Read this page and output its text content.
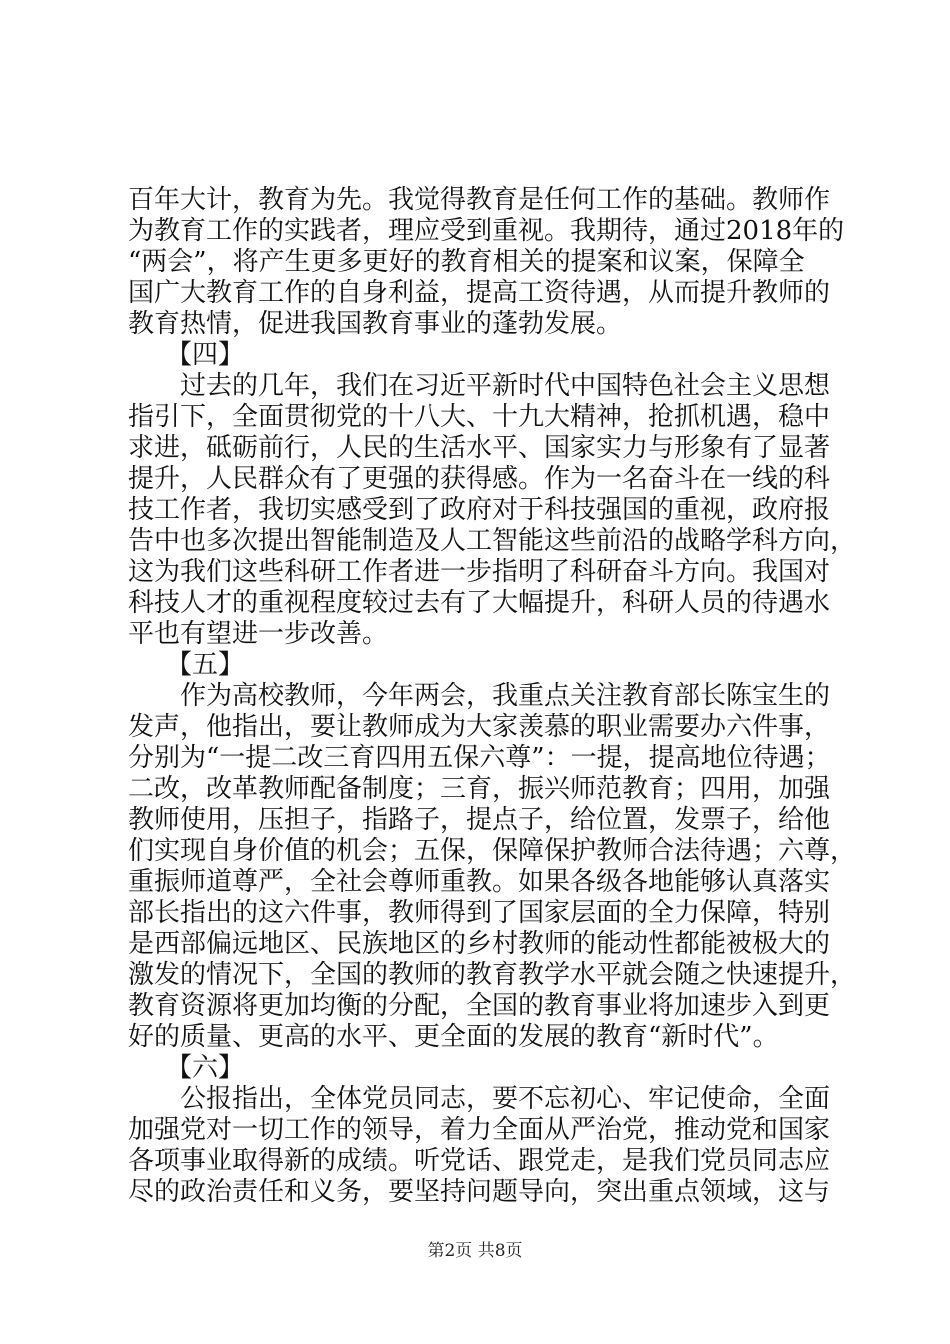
百年大计，教育为先。我觉得教育是任何工作的基础。教师作
为教育工作的实践者，理应受到重视。我期待，通过2018年的
“两会”，将产生更多更好的教育相关的提案和议案，保障全
国广大教育工作的自身利益，提高工资待遇，从而提升教师的
教育热情，促进我国教育事业的蓬勃发展。
【四】
过去的几年，我们在习近平新时代中国特色社会主义思想
指引下，全面贯彻党的十八大、十九大精神，抢抓机遇，稳中
求进，砥砺前行，人民的生活水平、国家实力与形象有了显著
提升，人民群众有了更强的获得感。作为一名奋斗在一线的科
技工作者，我切实感受到了政府对于科技强国的重视，政府报
告中也多次提出智能制造及人工智能这些前沿的战略学科方向，
这为我们这些科研工作者进一步指明了科研奋斗方向。我国对
科技人才的重视程度较过去有了大幅提升，科研人员的待遇水
平也有望进一步改善。
【五】
作为高校教师，今年两会，我重点关注教育部长陈宝生的
发声，他指出，要让教师成为大家羡慕的职业需要办六件事，
分别为“一提二改三育四用五保六尊”：一提，提高地位待遇；
二改，改革教师配备制度；三育，振兴师范教育；四用，加强
教师使用，压担子，指路子，提点子，给位置，发票子，给他
们实现自身价值的机会；五保，保障保护教师合法待遇；六尊，
重振师道尊严，全社会尊师重教。如果各级各地能够认真落实
部长指出的这六件事，教师得到了国家层面的全力保障，特别
是西部偏远地区、民族地区的乡村教师的能动性都能被极大的
激发的情况下，全国的教师的教育教学水平就会随之快速提升，
教育资源将更加均衡的分配，全国的教育事业将加速步入到更
好的质量、更高的水平、更全面的发展的教育“新时代”。
【六】
公报指出，全体党员同志，要不忘初心、牢记使命，全面
加强党对一切工作的领导，着力全面从严治党，推动党和国家
各项事业取得新的成绩。听党话、跟党走，是我们党员同志应
尽的政治责任和义务，要坚持问题导向，突出重点领域，这与
第2页 共8页
